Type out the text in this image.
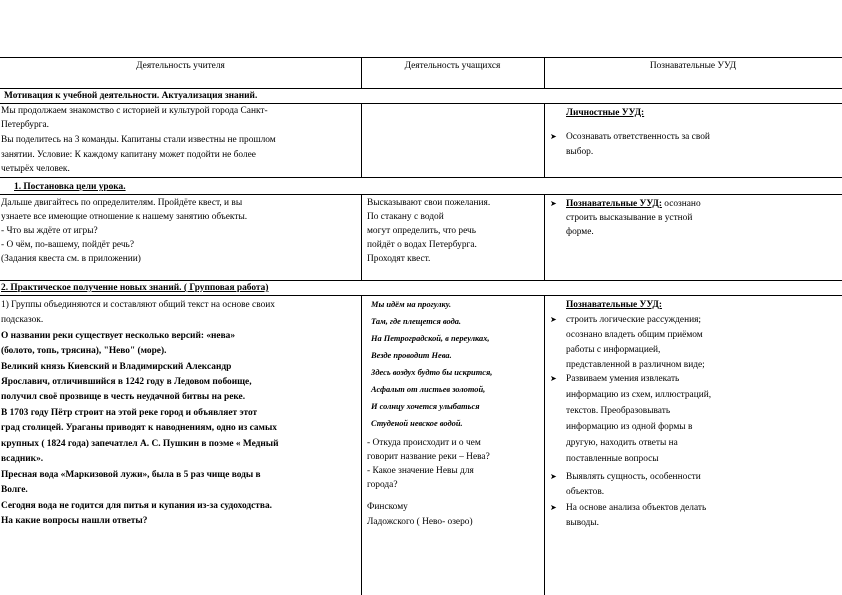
Деятельность учителя	Деятельность учащихся	Познавательные УУД
Мотивация к учебной деятельности. Актуализация знаний.
Мы продолжаем знакомство с историей и культурой города Санкт-
Петербурга.
Вы поделитесь на 3 команды. Капитаны стали известны не прошлом
занятии. Условие: К каждому капитану может подойти не более
четырёх человек.
Личностные УУД:
➤ Осознавать ответственность за свой
выбор.
1. Постановка цели урока.
Дальше двигайтесь по определителям. Пройдёте квест, и вы
узнаете все имеющие отношение к нашему занятию объекты.
- Что вы ждёте от игры?
- О чём, по-вашему, пойдёт речь?
(Задания квеста см. в приложении)
Высказывают свои пожелания.
По стакану с водой
могут определить, что речь
пойдёт о водах Петербурга.
Проходят квест.
➤ Познавательные УУД: осознано
строить высказывание в устной
форме.
2. Практическое получение новых знаний. ( Групповая работа)
1) Группы объединяются и составляют общий текст на основе своих
подсказок.
О названии реки существует несколько версий: «нева»
(болото, топь, трясина), "Нево" (море).
Великий князь Киевский и Владимирский Александр
Ярославич, отличившийся в 1242 году в Ледовом побоище,
получил своё прозвище в честь неудачной битвы на реке.
В 1703 году Пётр строит на этой реке город и объявляет этот
град столицей. Ураганы приводят к наводнениям, одно из самых
крупных ( 1824 года) запечатлел А. С. Пушкин в поэме « Медный
всадник».
Пресная вода «Маркизовой лужи», была в 5 раз чище воды в
Волге.
Сегодня вода не годится для питья и купания из-за судоходства.
На какие вопросы нашли ответы?
Мы идём на прогулку.
Там, где плещется вода.
На Петроградской, в переулках,
Везде проводит Нева.
Здесь воздух будто бы искрится,
Асфальт от листьев золотой,
И солнцу хочется улыбаться
Студеной невское водой.
- Откуда происходит и о чем
говорит название реки – Нева?
- Какое значение Невы для
города?
Финскому
Ладожского ( Нево- озеро)
Познавательные УУД:
➤ строить логические рассуждения;
осознано владеть общим приёмом
работы с информацией,
представленной в различном виде;
➤ Развиваем умения извлекать
информацию из схем, иллюстраций,
текстов. Преобразовывать
информацию из одной формы в
другую, находить ответы на
поставленные вопросы
➤ Выявлять сущность, особенности
объектов.
➤ На основе анализа объектов делать
выводы.
